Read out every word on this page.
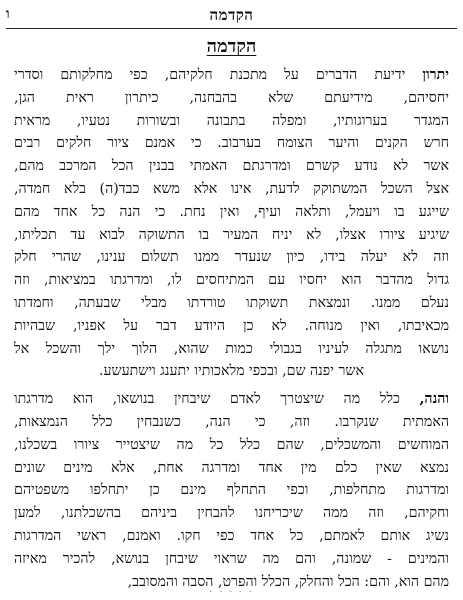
הקדמה
ו
הקדמה
יתרון ידיעת הדברים על מתכנת חלקיהם, כפי מחלקותם וסדרי
יחסיהם, מידיעתם שלא בהבחנה, כיתרון ראית הגן,
המגדר בערוגותיו, ומפלה בתבונה ובשורות נטעיו, מראית
חרש הקנים והיער הצומח בערבוב. כי אמנם ציור חלקים רבים
אשר לא נודע קשרם ומדרגתם האמתי בבנין הכל המרכב מהם,
אצל השכל המשתוקק לדעת, אינו אלא משא כבד(ה) בלא חמדה,
שייגע בו ויעמל, ותלאה ועיף, ואין נחת. כי הנה כל אחד מהם
שיגיע ציורו אצלו, לא יניח המעיר בו התשוקה לבוא עד תכליתו,
וזה לא יעלה בידו, כיון שנעדר ממנו תשלום ענינו, שהרי חלק
גדול מהדבר הוא יחסיו עם המתיחסים לו, ומדרגתו במציאות, וזה
נעלם ממנו. ונמצאת תשוקתו טורדתו מבלי שבעתה, וחמדתו
מכאיבתו, ואין מנוחה. לא כן היודע דבר על אפניו, שבהיות
נושאו מתגלה לעיניו בגבולי כמות שהוא, הלוך ילך והשכל אל
אשר יפנה שם, ובכפי מלאכותיו יתענג וישתעשע.
והנה, כלל מה שיצטרך לאדם שיבחין בנושאו, הוא מדרגתו
האמתית שנקרבו. וזה, כי הנה, כשנבחין כלל הנמצאות,
המוחשים והמשכלים, שהם כלל כל מה שיצטייר ציורו בשכלנו,
נמצא שאין כלם מין אחד ומדרגה אחת, אלא מינים שונים
ומדרגות מתחלפות, וכפי התחלף מינם כן יתחלפו משפטיהם
וחקיהם, וזה ממה שיכריחנו להבחין ביניהם בהשכלתנו, למען
נשיג אותם לאמתם, כל אחד כפי חקו. ואמנם, ראשי המדרגות
והמינים - שמונה, והם מה שראוי שיבחן בנושא, להכיר מאיזה
מהם הוא, והם: הכל והחלק, הכלל והפרט, הסבה והמסובב,
- - - - -
